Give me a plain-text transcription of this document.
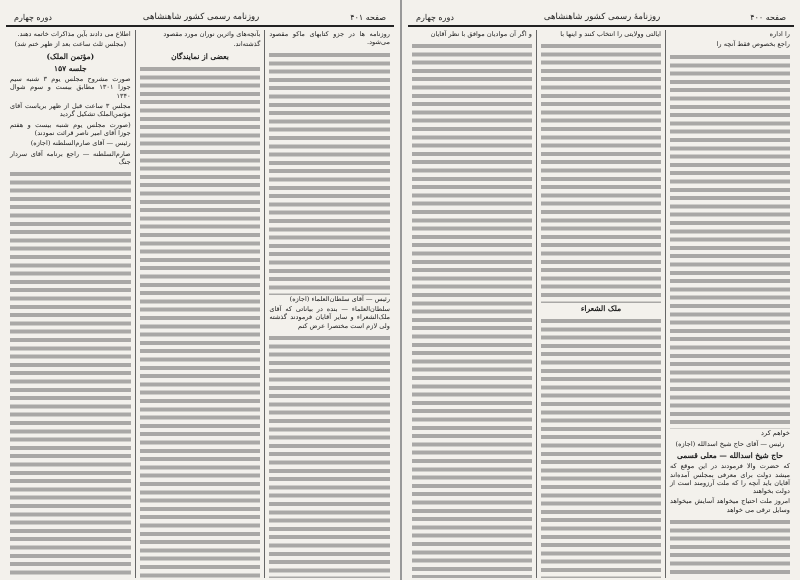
صفحه ۴۰۱
روزنامه رسمی کشور شاهنشاهی
دوره چهارم

روزنامه ها در جزو کتابهای ماکو مقصود می‌شود.

رئیس — آقای سلطان‌العلماء (اجازه)

سلطان‌العلماء — بنده در بیاناتی که آقای ملک‌الشعراء و سایر آقایان فرمودند گذشته ولی لازم است مختصرا عرض کنم

بآنچه‌های واثرین نوران مورد مقصود

گذشته‌اند.

بعضی از نمایندگان

اطلاع می دادند بآین مذاکرات خاتمه دهند.

(مجلس ثلث ساعت بعد از ظهر ختم شد)

(مؤتمن الملک)

جلسه ۱۵۷

صورت مشروح مجلس یوم ۳ شنبه سیم جوزا ۱۳۰۱ مطابق بیست و سوم شوال ۱۳۴۰

مجلس ۳ ساعت قبل از ظهر بریاست آقای مؤتمن‌الملک تشکیل گردید

(صورت مجلس یوم شنبه بیست و هفتم جوزا آقای امیر ناصر قرائت نمودند)

رئیس — آقای صارم‌السلطنه (اجازه)

صارم‌السلطنه — راجع برنامه آقای سردار جنگ

صفحه ۴۰۰
روزنامهٔ رسمی کشور شاهنشاهی
دوره چهارم

را اداره

راجع بخصوص فقط آنچه را

خواهم کرد

رئیس — آقای حاج شیخ اسدالله (اجازه)

حاج شیخ اسدالله — معلی قسمی

که حضرت والا فرمودند در این موقع که میشد دولت برای معرفی بمجلس آمده‌اند آقایان باید آنچه را که ملت آرزومند است از دولت بخواهند

امروز ملت احتیاج میخواهد آسایش میخواهد وسایل ترقی می خواهد

ایالتی وولایتی را انتخاب کنند و اینها با

ملک الشعراء

و اگر آن موادیان موافق با نظر آقایان
